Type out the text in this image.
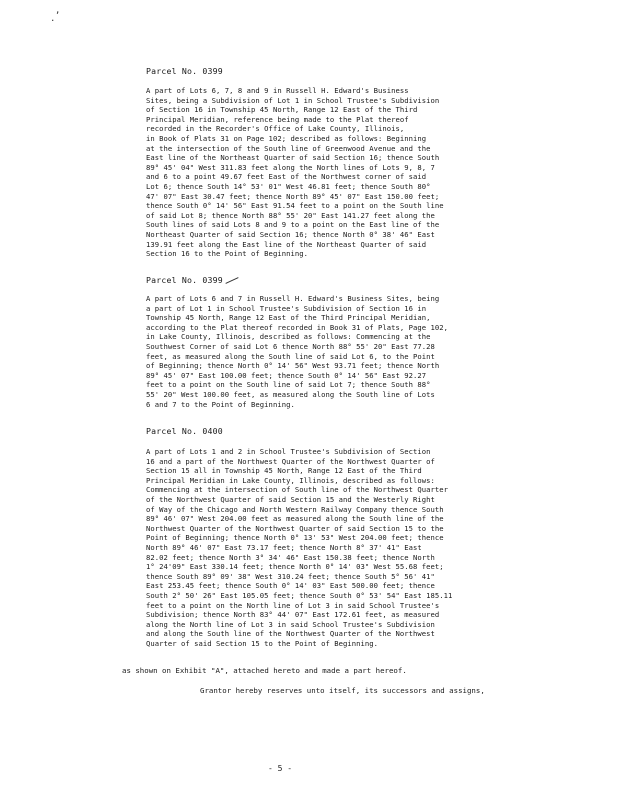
,
.
Parcel No. 0399
A part of Lots 6, 7, 8 and 9 in Russell H. Edward's Business
Sites, being a Subdivision of Lot 1 in School Trustee's Subdivision
of Section 16 in Township 45 North, Range 12 East of the Third
Principal Meridian, reference being made to the Plat thereof
recorded in the Recorder's Office of Lake County, Illinois,
in Book of Plats 31 on Page 102; described as follows: Beginning
at the intersection of the South line of Greenwood Avenue and the
East line of the Northeast Quarter of said Section 16; thence South
89° 45' 04" West 311.83 feet along the North lines of Lots 9, 8, 7
and 6 to a point 49.67 feet East of the Northwest corner of said
Lot 6; thence South 14° 53' 01" West 46.81 feet; thence South 80°
47' 07" East 30.47 feet; thence North 89° 45' 07" East 150.00 feet;
thence South 0° 14' 56" East 91.54 feet to a point on the South line
of said Lot 8; thence North 88° 55' 20" East 141.27 feet along the
South lines of said Lots 8 and 9 to a point on the East line of the
Northeast Quarter of said Section 16; thence North 0° 38' 46" East
139.91 feet along the East line of the Northeast Quarter of said
Section 16 to the Point of Beginning.
Parcel No. 0399
A part of Lots 6 and 7 in Russell H. Edward's Business Sites, being
a part of Lot 1 in School Trustee's Subdivision of Section 16 in
Township 45 North, Range 12 East of the Third Principal Meridian,
according to the Plat thereof recorded in Book 31 of Plats, Page 102,
in Lake County, Illinois, described as follows: Commencing at the
Southwest Corner of said Lot 6 thence North 88° 55' 20" East 77.28
feet, as measured along the South line of said Lot 6, to the Point
of Beginning; thence North 0° 14' 56" West 93.71 feet; thence North
89° 45' 07" East 100.00 feet; thence South 0° 14' 56" East 92.27
feet to a point on the South line of said Lot 7; thence South 88°
55' 20" West 100.00 feet, as measured along the South line of Lots
6 and 7 to the Point of Beginning.
Parcel No. 0400
A part of Lots 1 and 2 in School Trustee's Subdivision of Section
16 and a part of the Northwest Quarter of the Northwest Quarter of
Section 15 all in Township 45 North, Range 12 East of the Third
Principal Meridian in Lake County, Illinois, described as follows:
Commencing at the intersection of South line of the Northwest Quarter
of the Northwest Quarter of said Section 15 and the Westerly Right
of Way of the Chicago and North Western Railway Company thence South
89° 46' 07" West 204.00 feet as measured along the South line of the
Northwest Quarter of the Northwest Quarter of said Section 15 to the
Point of Beginning; thence North 0° 13' 53" West 204.00 feet; thence
North 89° 46' 07" East 73.17 feet; thence North 8° 37' 41" East
82.02 feet; thence North 3° 34' 46" East 150.38 feet; thence North
1° 24'09" East 330.14 feet; thence North 0° 14' 03" West 55.68 feet;
thence South 89° 09' 38" West 310.24 feet; thence South 5° 56' 41"
East 253.45 feet; thence South 0° 14' 03" East 500.00 feet; thence
South 2° 50' 26" East 105.05 feet; thence South 0° 53' 54" East 185.11
feet to a point on the North line of Lot 3 in said School Trustee's
Subdivision; thence North 83° 44' 07" East 172.61 feet, as measured
along the North line of Lot 3 in said School Trustee's Subdivision
and along the South line of the Northwest Quarter of the Northwest
Quarter of said Section 15 to the Point of Beginning.
as shown on Exhibit "A", attached hereto and made a part hereof.
Grantor hereby reserves unto itself, its successors and assigns,
- 5 -
